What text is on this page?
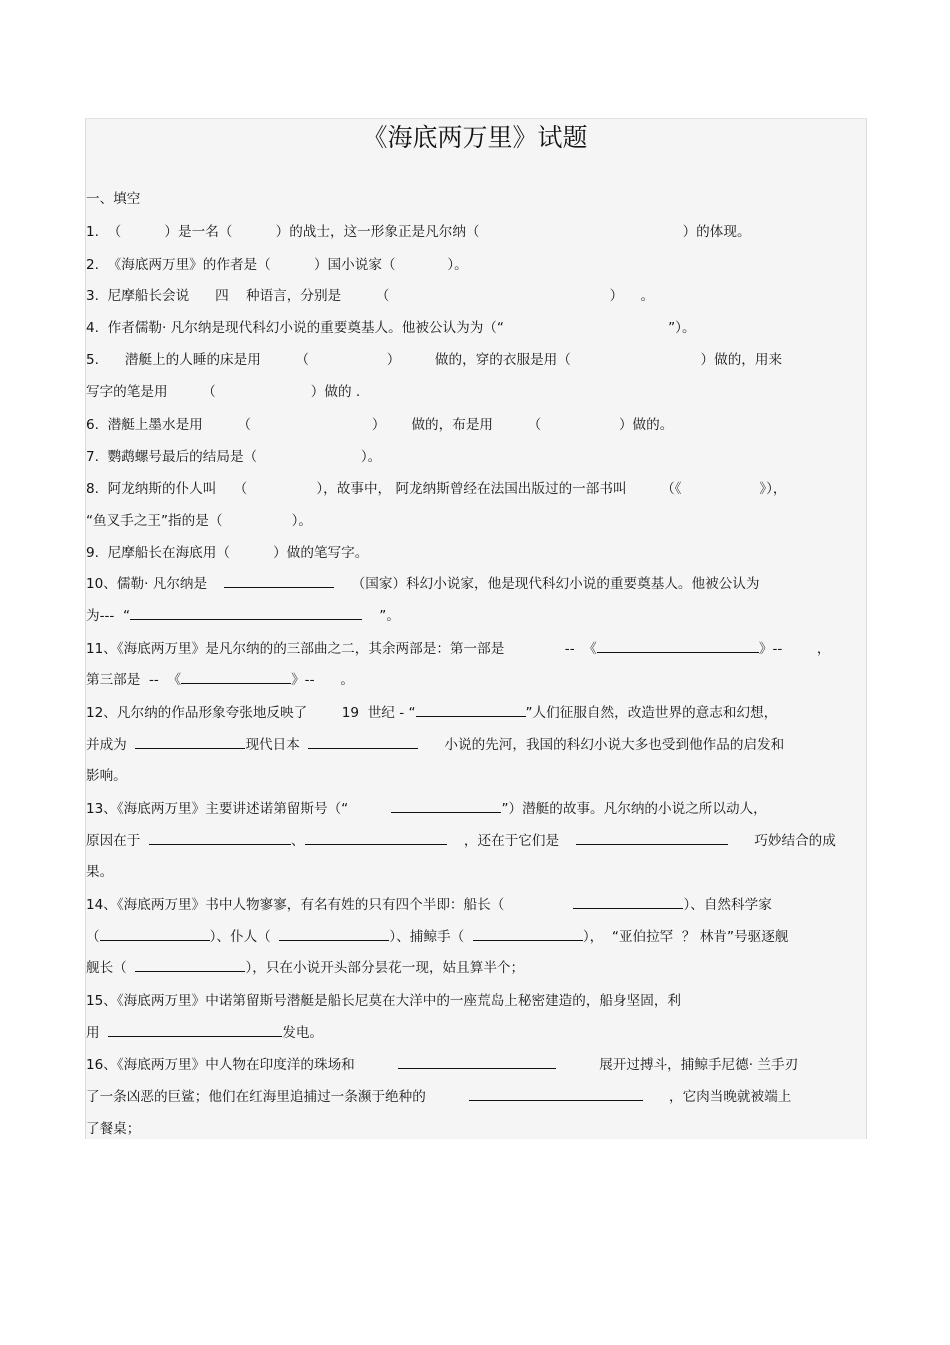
《海底两万里》试题
一、填空
1.  （          ）是一名（          ）的战士，这一形象正是凡尔纳（                                               ）的体现。
2.  《海底两万里》的作者是（          ）国小说家（            ）。
3.  尼摩船长会说      四    种语言，分别是        （                                                   ）    。
4.  作者儒勒· 凡尔纳是现代科幻小说的重要奠基人。他被公认为为（“                                      ”）。
5.      潜艇上的人睡的床是用        （                  ）        做的，穿的衣服是用（                              ）做的，用来
写字的笔是用        （                      ）做的 .
6.  潜艇上墨水是用        （                            ）      做的，布是用        （                  ）做的。
7.  鹦鹉螺号最后的结局是（                        ）。
8.  阿龙纳斯的仆人叫    （                ），故事中， 阿龙纳斯曾经在法国出版过的一部书叫        （《                  》），
“鱼叉手之王”指的是（                ）。
9.  尼摩船长在海底用（          ）做的笔写字。
10、儒勒· 凡尔纳是	（国家）科幻小说家，他是现代科幻小说的重要奠基人。他被公认为
为---  “	”。
11、《海底两万里》是凡尔纳的的三部曲之二，其余两部是：第一部是              --  《	》--        ，
第三部是  --  《	》--      。
12、凡尔纳的作品形象夸张地反映了        19  世纪 - “	”人们征服自然，改造世界的意志和幻想，
并成为	现代日本	小说的先河，我国的科幻小说大多也受到他作品的启发和
影响。
13、《海底两万里》主要讲述诺第留斯号（“	”）潜艇的故事。凡尔纳的小说之所以动人，
原因在于	、	，还在于它们是	巧妙结合的成
果。
14、《海底两万里》书中人物寥寥，有名有姓的只有四个半即：船长（	）、自然科学家
（	）、仆人（	）、捕鲸手（	），  “亚伯拉罕  ？ 林肯”号驱逐舰
舰长（	），只在小说开头部分昙花一现，姑且算半个；
15、《海底两万里》中诺第留斯号潜艇是船长尼莫在大洋中的一座荒岛上秘密建造的，船身坚固，利
用	发电。
16、《海底两万里》中人物在印度洋的珠场和	展开过搏斗，捕鲸手尼德· 兰手刃
了一条凶恶的巨鲨；他们在红海里追捕过一条濒于绝种的	，它肉当晚就被端上
了餐桌；
